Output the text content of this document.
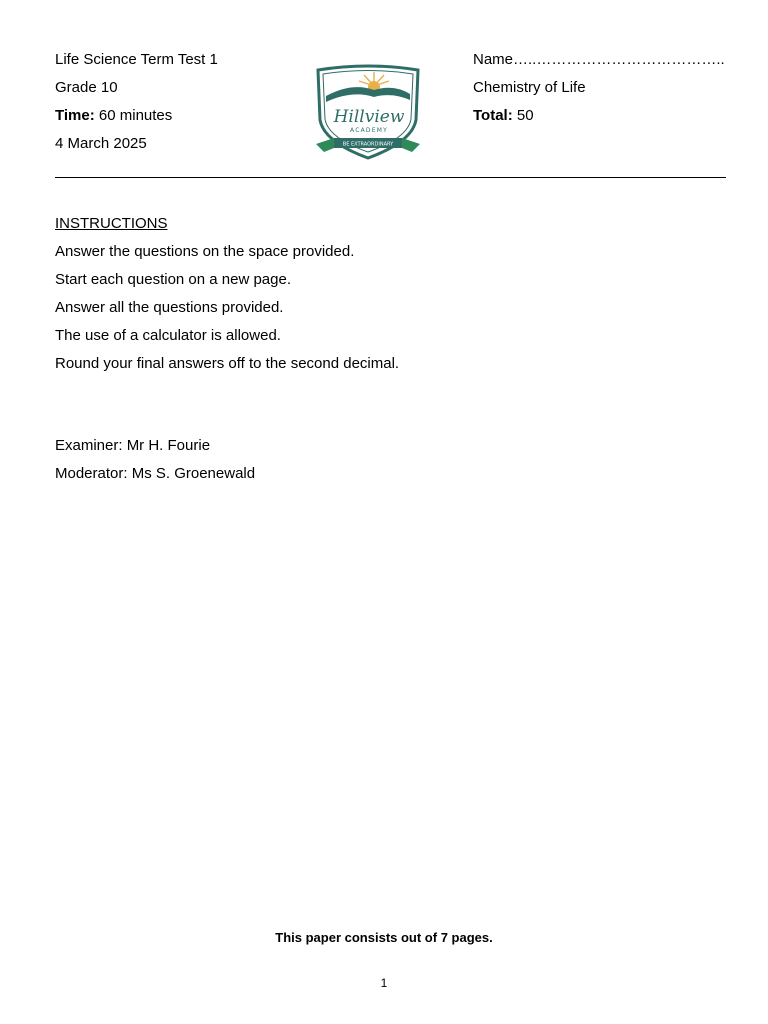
Life Science Term Test 1
Grade 10
Time: 60 minutes
4 March 2025
Name…..………………………………..
Chemistry of Life
Total: 50
Hillview
ACADEMY
BE EXTRAORDINARY
INSTRUCTIONS
Answer the questions on the space provided.
Start each question on a new page.
Answer all the questions provided.
The use of a calculator is allowed.
Round your final answers off to the second decimal.
Examiner: Mr H. Fourie
Moderator: Ms S. Groenewald
This paper consists out of 7 pages.
1
